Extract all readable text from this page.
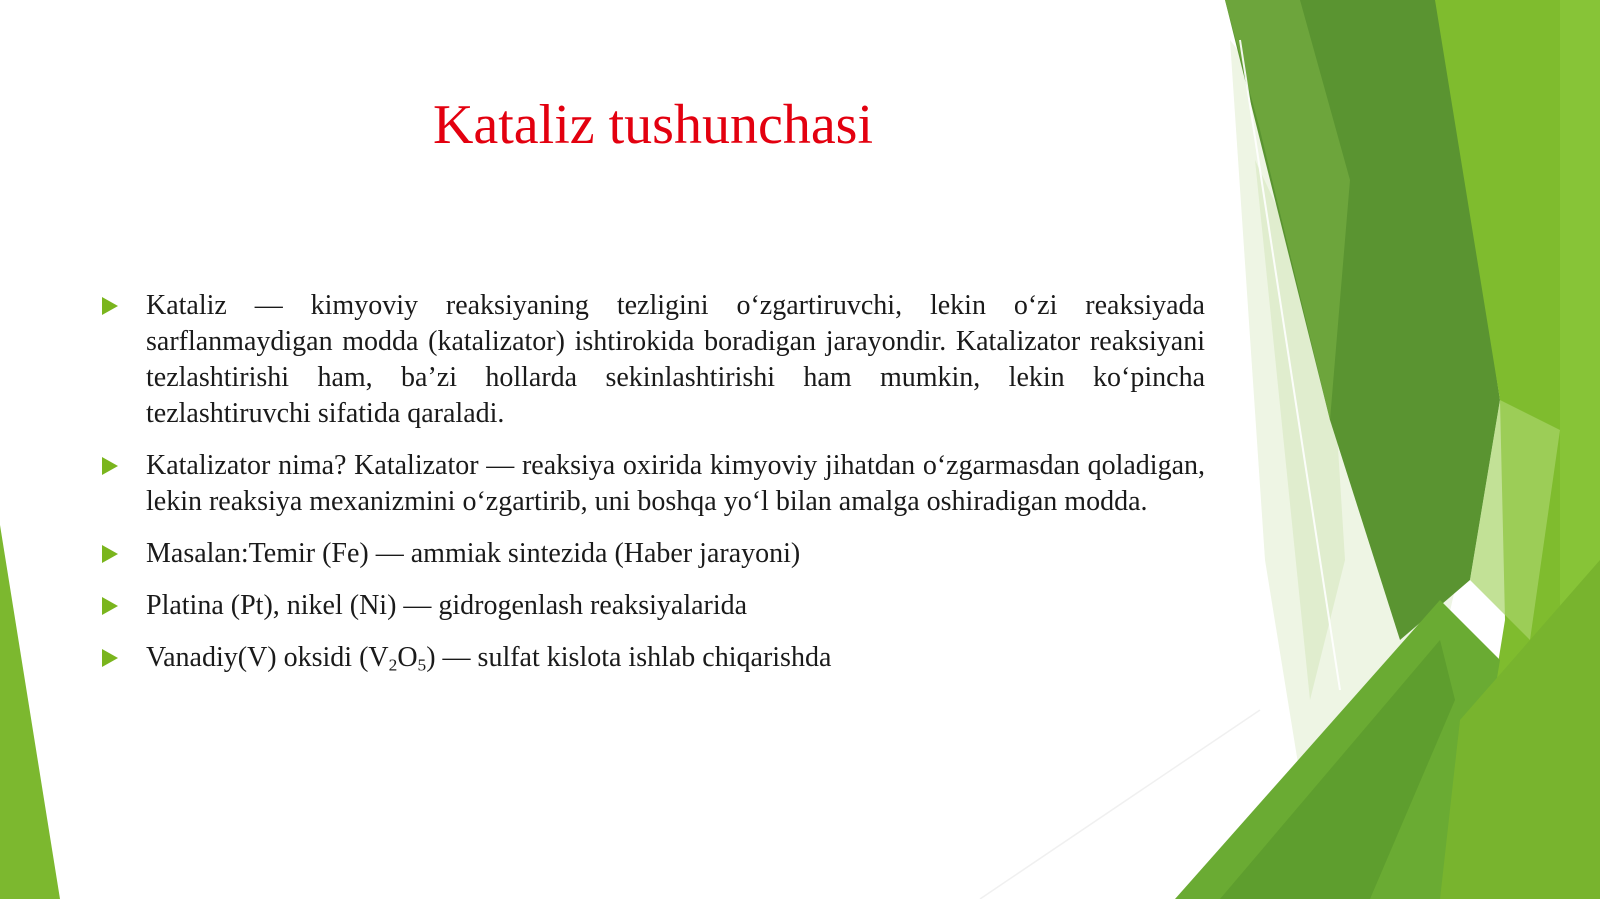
Kataliz tushunchasi
Kataliz — kimyoviy reaksiyaning tezligini o‘zgartiruvchi, lekin o‘zi reaksiyada sarflanmaydigan modda (katalizator) ishtirokida boradigan jarayondir. Katalizator reaksiyani tezlashtirishi ham, ba’zi hollarda sekinlashtirishi ham mumkin, lekin ko‘pincha tezlashtiruvchi sifatida qaraladi.
Katalizator nima? Katalizator — reaksiya oxirida kimyoviy jihatdan o‘zgarmasdan qoladigan, lekin reaksiya mexanizmini o‘zgartirib, uni boshqa yo‘l bilan amalga oshiradigan modda.
Masalan:Temir (Fe) — ammiak sintezida (Haber jarayoni)
Platina (Pt), nikel (Ni) — gidrogenlash reaksiyalarida
Vanadiy(V) oksidi $(V_2O_5)$ — sulfat kislota ishlab chiqarishda
